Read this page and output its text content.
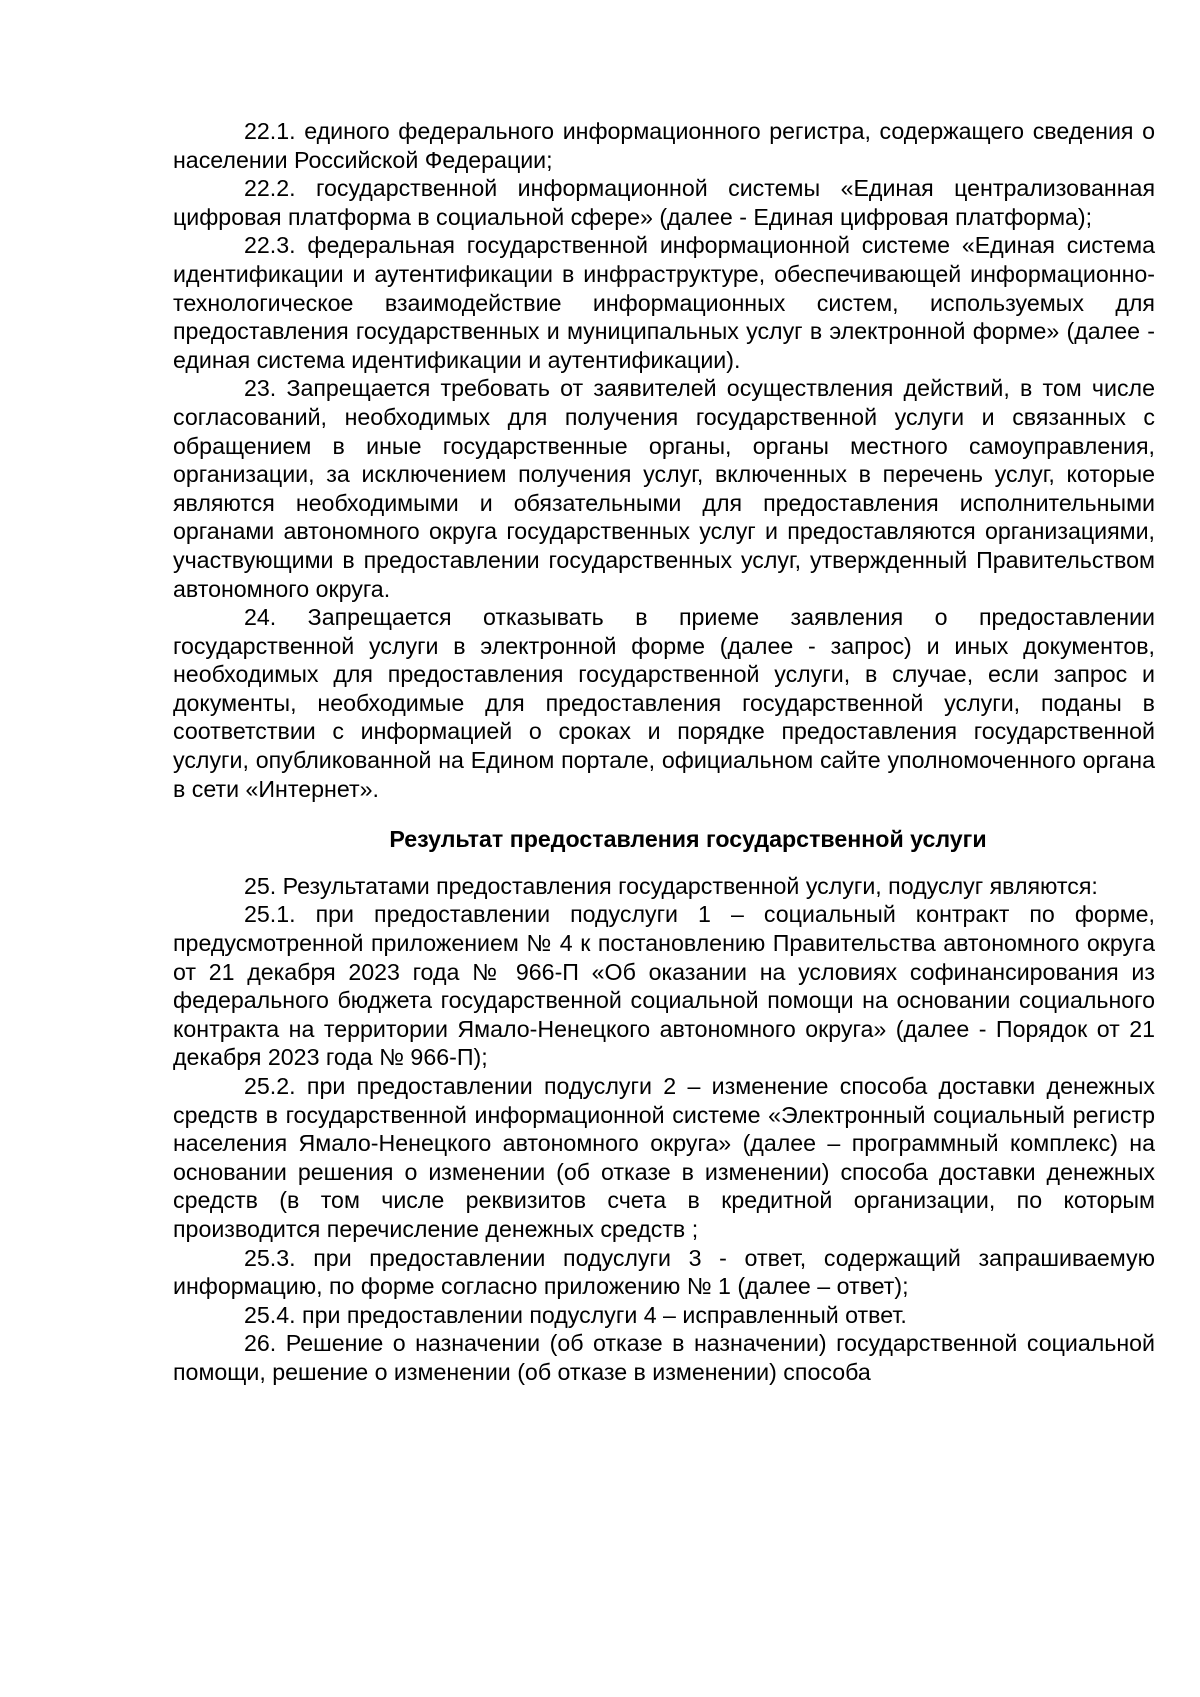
22.1. единого федерального информационного регистра, содержащего сведения о населении Российской Федерации;

22.2. государственной информационной системы «Единая централизованная цифровая платформа в социальной сфере» (далее - Единая цифровая платформа);

22.3. федеральная государственной информационной системе «Единая система идентификации и аутентификации в инфраструктуре, обеспечивающей информационно-технологическое взаимодействие информационных систем, используемых для предоставления государственных и муниципальных услуг в электронной форме» (далее - единая система идентификации и аутентификации).

23. Запрещается требовать от заявителей осуществления действий, в том числе согласований, необходимых для получения государственной услуги и связанных с обращением в иные государственные органы, органы местного самоуправления, организации, за исключением получения услуг, включенных в перечень услуг, которые являются необходимыми и обязательными для предоставления исполнительными органами автономного округа государственных услуг и предоставляются организациями, участвующими в предоставлении государственных услуг, утвержденный Правительством автономного округа.

24. Запрещается отказывать в приеме заявления о предоставлении государственной услуги в электронной форме (далее - запрос) и иных документов, необходимых для предоставления государственной услуги, в случае, если запрос и документы, необходимые для предоставления государственной услуги, поданы в соответствии с информацией о сроках и порядке предоставления государственной услуги, опубликованной на Едином портале, официальном сайте уполномоченного органа в сети «Интернет».

Результат предоставления государственной услуги

25. Результатами предоставления государственной услуги, подуслуг являются:

25.1. при предоставлении подуслуги 1 – социальный контракт по форме, предусмотренной приложением № 4 к постановлению Правительства автономного округа от 21 декабря 2023 года № 966-П «Об оказании на условиях софинансирования из федерального бюджета государственной социальной помощи на основании социального контракта на территории Ямало-Ненецкого автономного округа» (далее - Порядок от 21 декабря 2023 года № 966-П);

25.2. при предоставлении подуслуги 2 – изменение способа доставки денежных средств в государственной информационной системе «Электронный социальный регистр населения Ямало-Ненецкого автономного округа» (далее – программный комплекс) на основании решения о изменении (об отказе в изменении) способа доставки денежных средств (в том числе реквизитов счета в кредитной организации, по которым производится перечисление денежных средств ;

25.3. при предоставлении подуслуги 3 - ответ, содержащий запрашиваемую информацию, по форме согласно приложению № 1 (далее – ответ);

25.4. при предоставлении подуслуги 4 – исправленный ответ.

26. Решение о назначении (об отказе в назначении) государственной социальной помощи, решение о изменении (об отказе в изменении) способа
